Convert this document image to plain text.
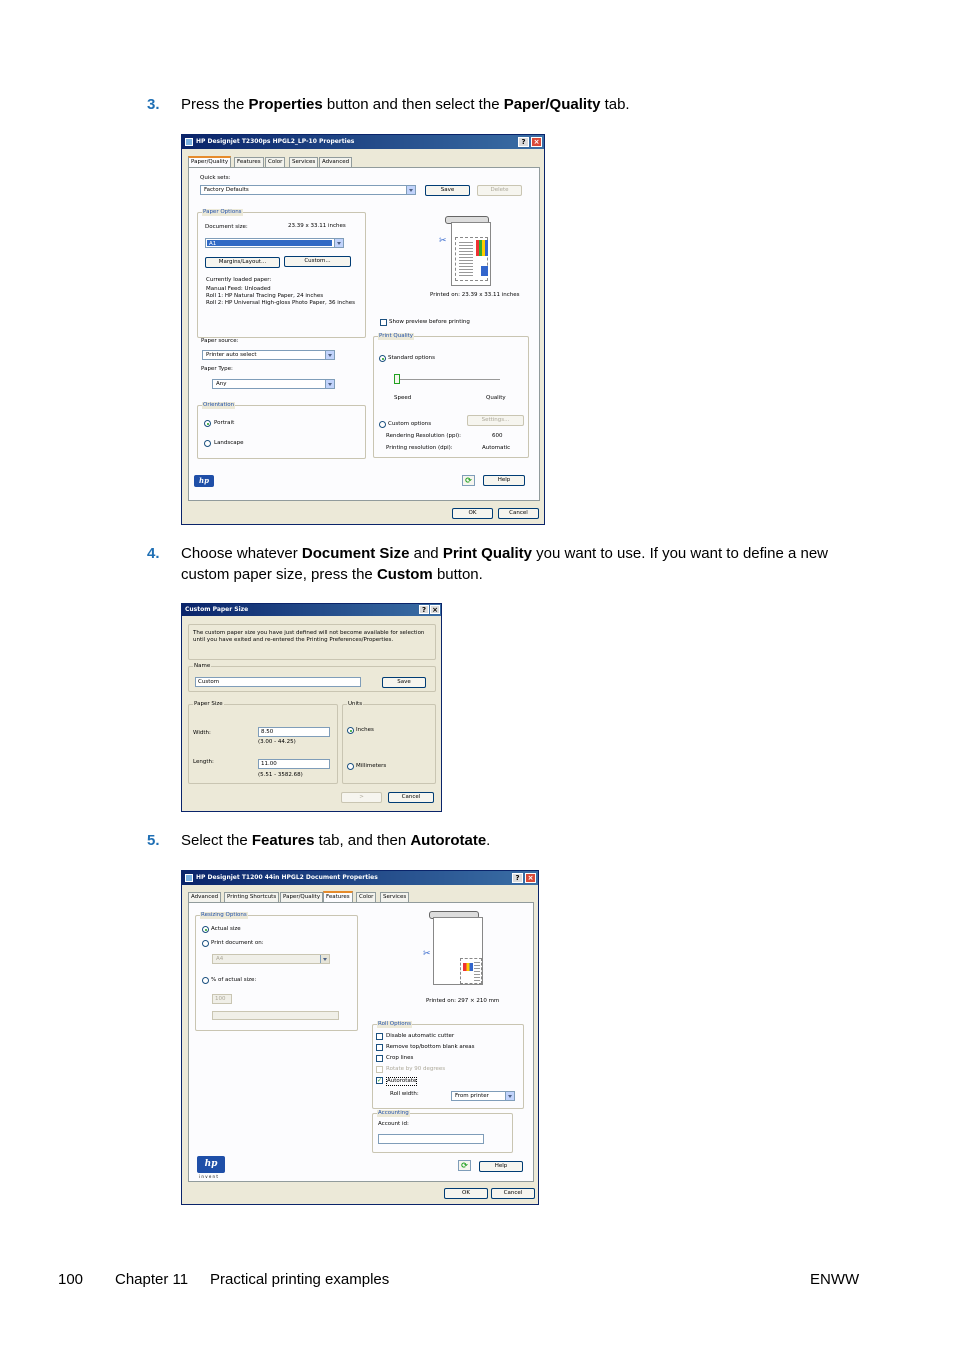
3. Press the Properties button and then select the Paper/Quality tab.
HP Designjet T2300ps HPGL2_LP-10 Properties	?	×
Paper/Quality	Features	Color	Services	Advanced
Quick sets:
Factory Defaults	Save	Delete
Paper Options
Document size:	23.39 x 33.11 inches
A1
Margins/Layout...	Custom...
Currently loaded paper:
Manual Feed: Unloaded
Roll 1: HP Natural Tracing Paper, 24 inches
Roll 2: HP Universal High-gloss Photo Paper, 36 inches
✂
Printed on: 23.39 x 33.11 inches
Show preview before printing
Paper source:
Printer auto select
Paper Type:
Any
Orientation
Portrait
Landscape
Print Quality
Standard options
Speed	Quality
Custom options
Settings...
Rendering Resolution (ppi):	600
Printing resolution (dpi):	Automatic
hp	⟳	Help
OK	Cancel
4. Choose whatever Document Size and Print Quality you want to use. If you want to define a new custom paper size, press the Custom button.
Custom Paper Size	? ×
The custom paper size you have just defined will not become available for selection until you have exited and re-entered the Printing Preferences/Properties.
Name
Custom	Save
Paper Size
Width:	8.50
(3.00 - 44.25)
Length:	11.00
(5.51 - 3582.68)
Units
Inches
Millimeters
>	Cancel
5. Select the Features tab, and then Autorotate.
HP Designjet T1200 44in HPGL2 Document Properties	?	×
Advanced	Printing Shortcuts	Paper/Quality	Features	Color	Services
Resizing Options
Actual size
Print document on:
A4
% of actual size:
100
✂
Printed on: 297 × 210 mm
Roll Options
Disable automatic cutter
Remove top/bottom blank areas
Crop lines
Rotate by 90 degrees
✓ Autorotate
Roll width:	From printer
Accounting
Account id:
hp
i n v e n t
⟳	Help
OK	Cancel
100 Chapter 11 Practical printing examples	ENWW
